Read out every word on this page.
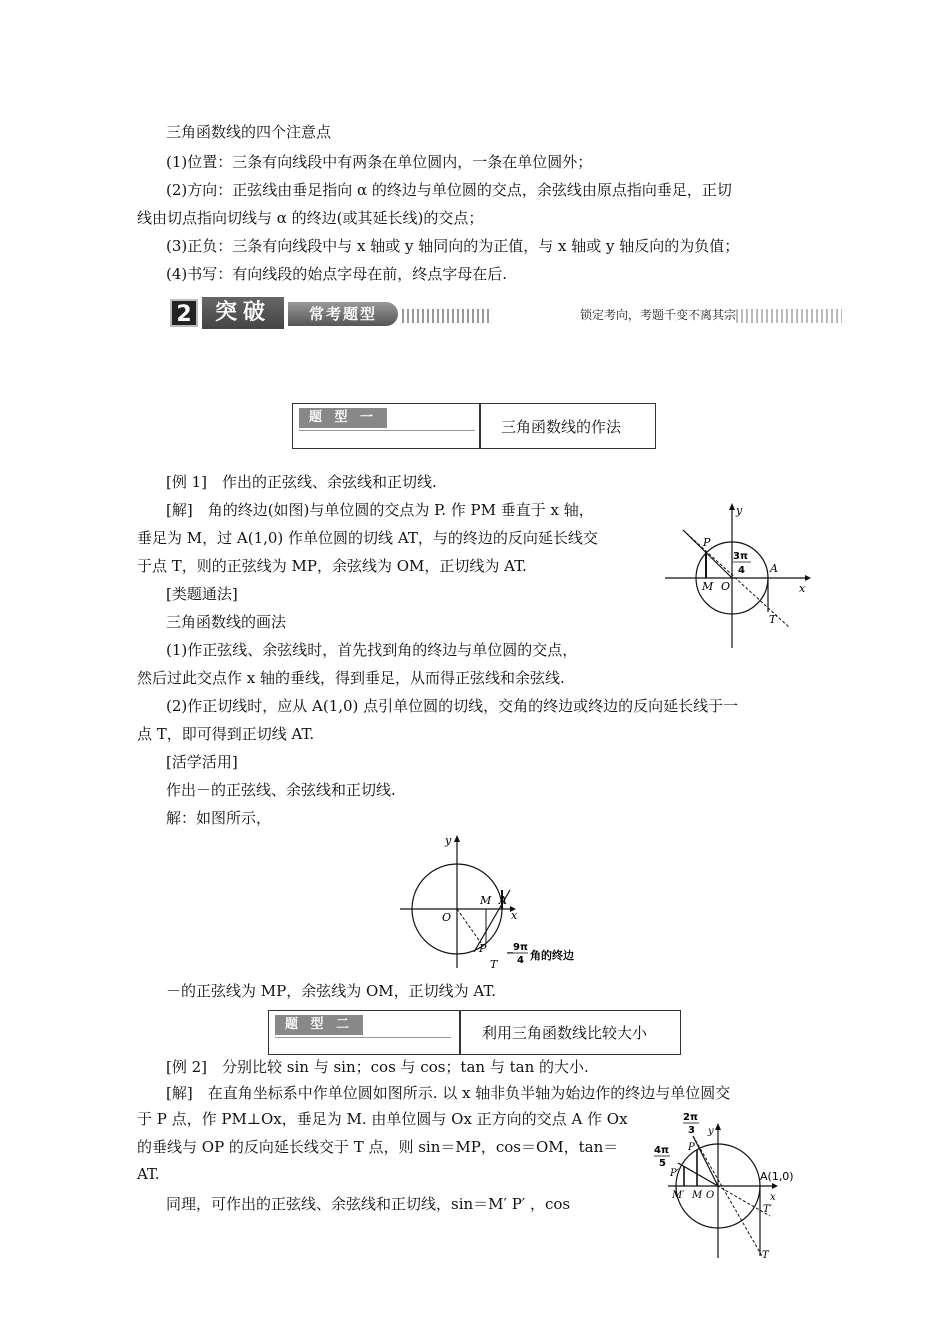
三角函数线的四个注意点
(1)位置：三条有向线段中有两条在单位圆内，一条在单位圆外；
(2)方向：正弦线由垂足指向 α 的终边与单位圆的交点，余弦线由原点指向垂足，正切
线由切点指向切线与 α 的终边(或其延长线)的交点；
(3)正负：三条有向线段中与 x 轴或 y 轴同向的为正值，与 x 轴或 y 轴反向的为负值；
(4)书写：有向线段的始点字母在前，终点字母在后.
2	突破	常考题型	锁定考向，考题千变不离其宗
题 型 一	三角函数线的作法
[例 1]　作出的正弦线、余弦线和正切线.
[解]　角的终边(如图)与单位圆的交点为 P. 作 PM 垂直于 x 轴，
垂足为 M，过 A(1,0) 作单位圆的切线 AT，与的终边的反向延长线交
于点 T，则的正弦线为 MP，余弦线为 OM，正切线为 AT.
[类题通法]
三角函数线的画法
(1)作正弦线、余弦线时，首先找到角的终边与单位圆的交点，
然后过此交点作 x 轴的垂线，得到垂足，从而得正弦线和余弦线.
(2)作正切线时，应从 A(1,0) 点引单位圆的切线，交角的终边或终边的反向延长线于一
点 T，即可得到正切线 AT.
[活学活用]
作出－的正弦线、余弦线和正切线.
解：如图所示，
P
M O
A
T
y
x
3π
4
y
x
O
M A
P
T
−
9π
4 角的终边
－的正弦线为 MP，余弦线为 OM，正切线为 AT.
题 型 二	利用三角函数线比较大小
[例 2]　分别比较 sin 与 sin；cos 与 cos；tan 与 tan 的大小.
[解]　在直角坐标系中作单位圆如图所示. 以 x 轴非负半轴为始边作的终边与单位圆交
于 P 点，作 PM⊥Ox，垂足为 M. 由单位圆与 Ox 正方向的交点 A 作 Ox
的垂线与 OP 的反向延长线交于 T 点，则 sin＝MP，cos＝OM，tan＝
AT.
同理，可作出的正弦线、余弦线和正切线，sin＝M′ P′ ，cos
2π
3
4π
5
y
x
P
P′
M′ M O
A(1,0)
T′
T
